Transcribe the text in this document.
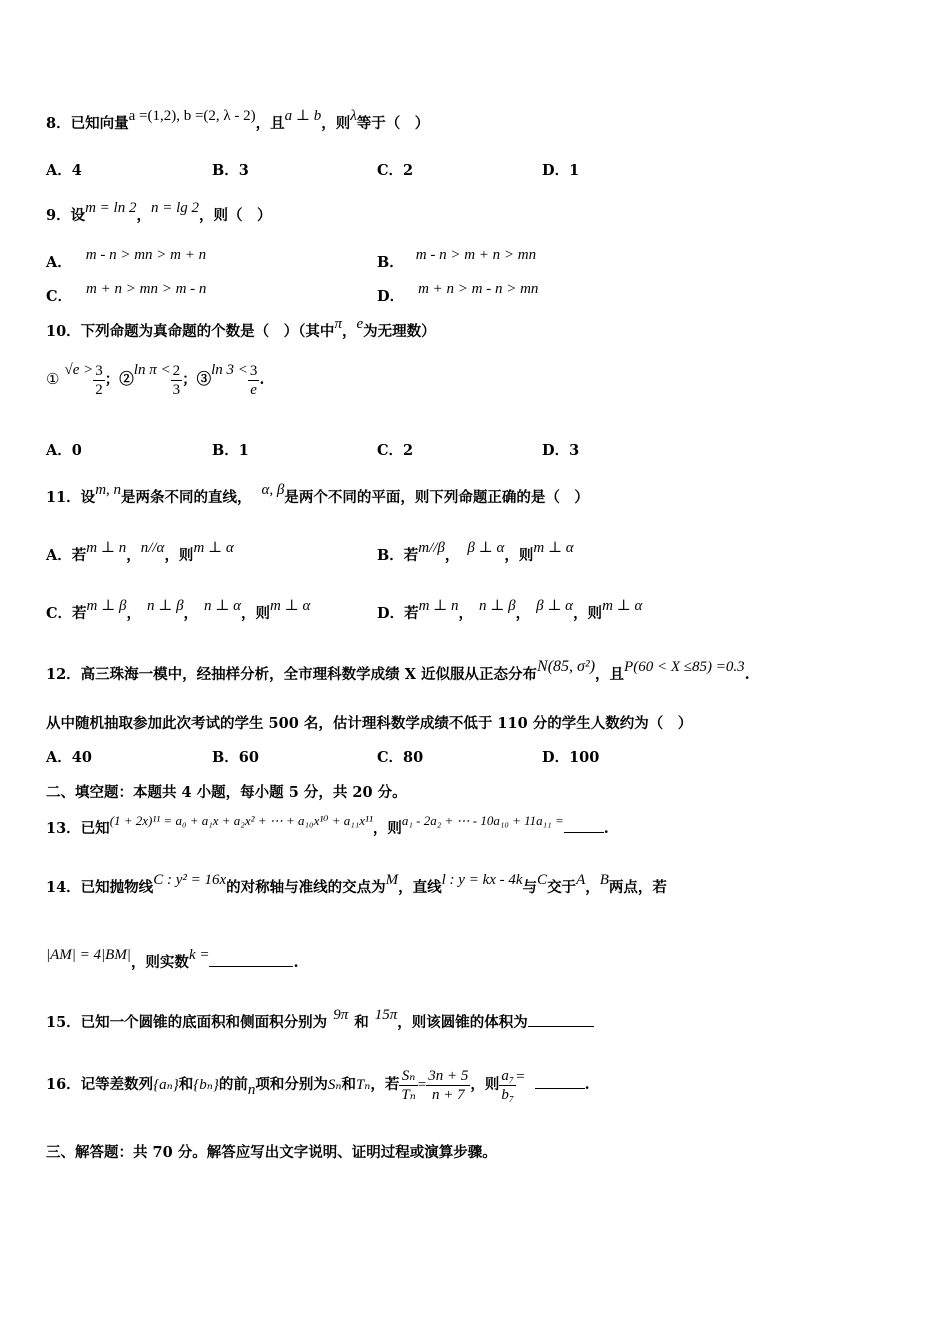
8．已知向量a =(1,2), b =(2, λ - 2)，且a ⊥ b，则λ等于（　）
A．4	B．3	C．2	D．1
9．设m = ln 2，n = lg 2，则（　）
A． m - n > mn > m + n	B． m - n > m + n > mn
C． m + n > mn > m - n	D． m + n > m - n > mn
10．下列命题为真命题的个数是（　）（其中π，e为无理数）
① $√e > \frac{3}{2}$ ；②ln $\pi < \frac{2}{3}$ ；③ln $3 < \frac{3}{e}$ .
A．0	B．1	C．2	D．3
11．设m, n是两条不同的直线， α, β是两个不同的平面，则下列命题正确的是（　）
A．若m ⊥ n，n//α，则m ⊥ α	B．若m//β， β ⊥ α，则m ⊥ α
C．若m ⊥ β， n ⊥ β， n ⊥ α，则m ⊥ α	D．若m ⊥ n， n ⊥ β， β ⊥ α，则m ⊥ α
12．高三珠海一模中，经抽样分析，全市理科数学成绩 X 近似服从正态分布N(85, σ²)，且P(60 < X ≤85) =0.3.
从中随机抽取参加此次考试的学生 500 名，估计理科数学成绩不低于 110 分的学生人数约为（　）
A．40	B．60	C．80	D．100
二、填空题：本题共 4 小题，每小题 5 分，共 20 分。
13．已知(1 + 2x)¹¹ = a₀ + a₁x + a₂x² + ⋯ + a₁₀x¹⁰ + a₁₁x¹¹，则a₁ - 2a₂ + ⋯ - 10a₁₀ + 11a₁₁ =	.
14．已知抛物线C : y² = 16x的对称轴与准线的交点为M，直线l : y = kx - 4k与C交于A，B两点，若
|AM| = 4|BM|，则实数k =	.
15．已知一个圆锥的底面积和侧面积分别为 9π 和 15π，则该圆锥的体积为
16．记等差数列{aₙ}和{bₙ}的前n项和分别为Sₙ和Tₙ，若 $\frac{\text{Sₙ}}{\text{Tₙ}} = \frac{3n + 5}{n + 7}$ ，则 $\frac{\text{a₇}}{\text{b₇}}$ =	.
三、解答题：共 70 分。解答应写出文字说明、证明过程或演算步骤。
